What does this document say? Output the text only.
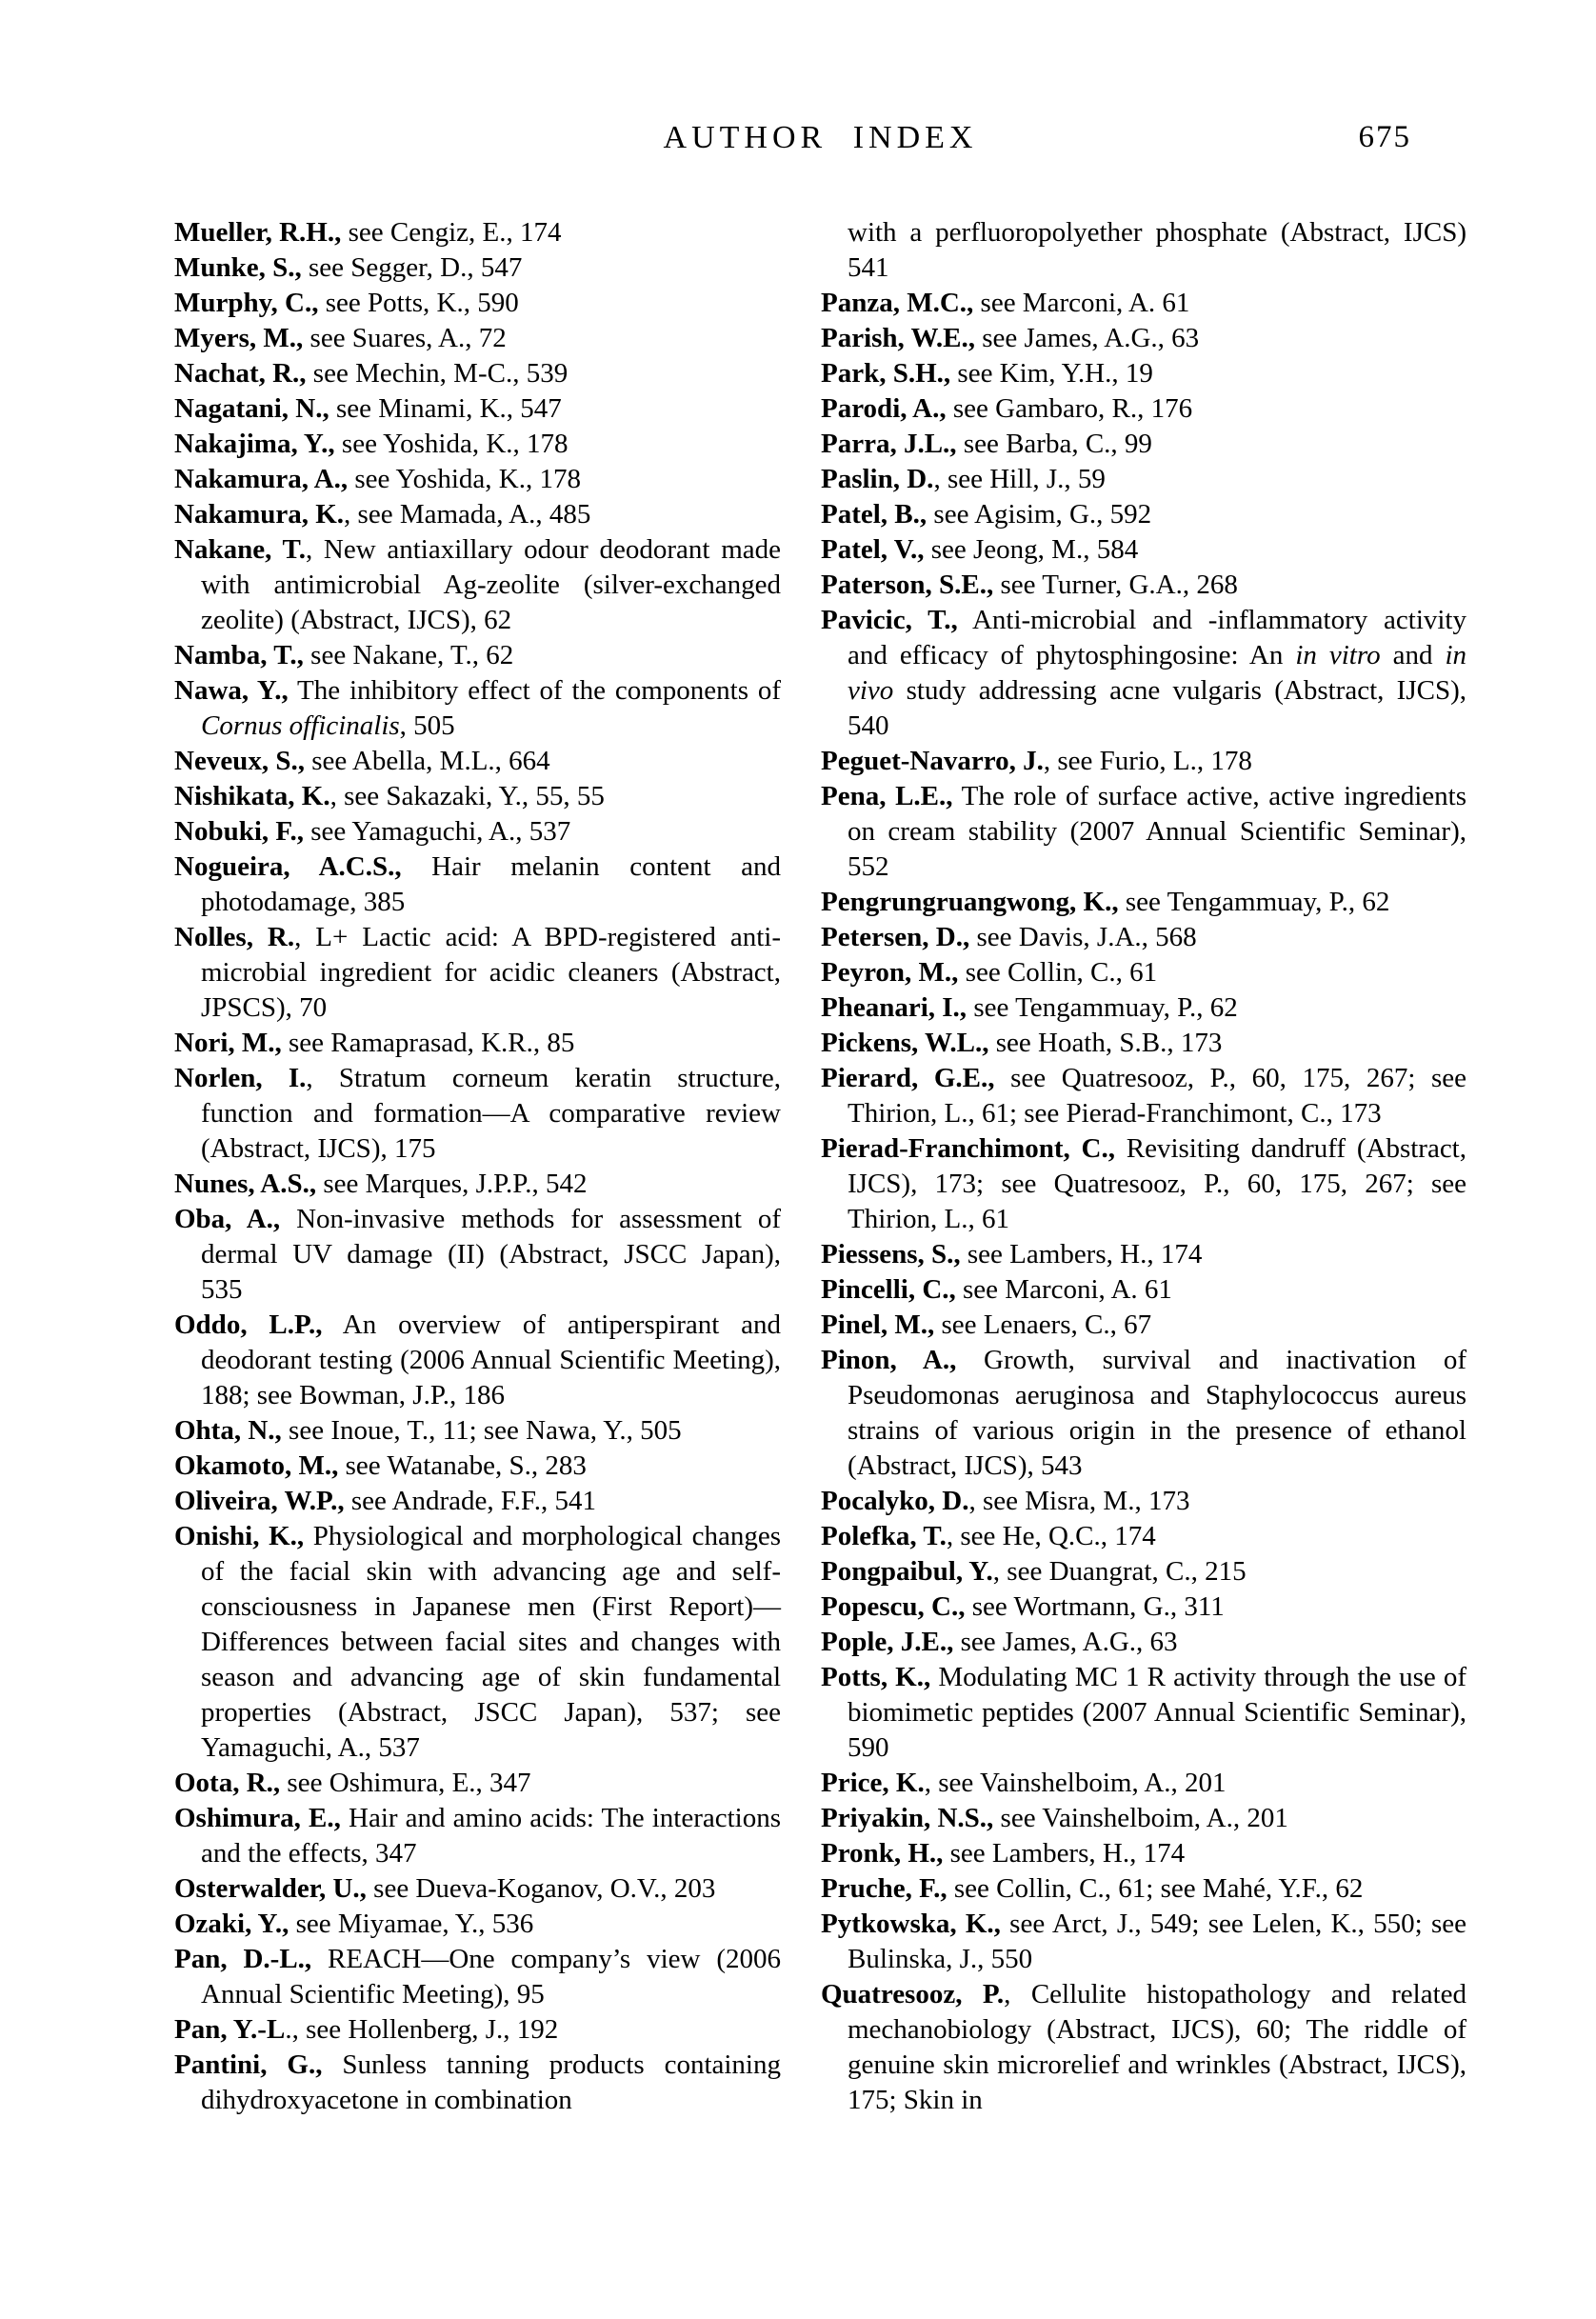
AUTHOR INDEX	675

Mueller, R.H., see Cengiz, E., 174

Munke, S., see Segger, D., 547

Murphy, C., see Potts, K., 590

Myers, M., see Suares, A., 72

Nachat, R., see Mechin, M-C., 539

Nagatani, N., see Minami, K., 547

Nakajima, Y., see Yoshida, K., 178

Nakamura, A., see Yoshida, K., 178

Nakamura, K., see Mamada, A., 485

Nakane, T., New antiaxillary odour deodorant made with antimicrobial Ag-zeolite (silver-exchanged zeolite) (Abstract, IJCS), 62

Namba, T., see Nakane, T., 62

Nawa, Y., The inhibitory effect of the components of Cornus officinalis, 505

Neveux, S., see Abella, M.L., 664

Nishikata, K., see Sakazaki, Y., 55, 55

Nobuki, F., see Yamaguchi, A., 537

Nogueira, A.C.S., Hair melanin content and photodamage, 385

Nolles, R., L+ Lactic acid: A BPD-registered anti-microbial ingredient for acidic cleaners (Abstract, JPSCS), 70

Nori, M., see Ramaprasad, K.R., 85

Norlen, I., Stratum corneum keratin structure, function and formation—A comparative review (Abstract, IJCS), 175

Nunes, A.S., see Marques, J.P.P., 542

Oba, A., Non-invasive methods for assessment of dermal UV damage (II) (Abstract, JSCC Japan), 535

Oddo, L.P., An overview of antiperspirant and deodorant testing (2006 Annual Scientific Meeting), 188; see Bowman, J.P., 186

Ohta, N., see Inoue, T., 11; see Nawa, Y., 505

Okamoto, M., see Watanabe, S., 283

Oliveira, W.P., see Andrade, F.F., 541

Onishi, K., Physiological and morphological changes of the facial skin with advancing age and self-consciousness in Japanese men (First Report)—Differences between facial sites and changes with season and advancing age of skin fundamental properties (Abstract, JSCC Japan), 537; see Yamaguchi, A., 537

Oota, R., see Oshimura, E., 347

Oshimura, E., Hair and amino acids: The interactions and the effects, 347

Osterwalder, U., see Dueva-Koganov, O.V., 203

Ozaki, Y., see Miyamae, Y., 536

Pan, D.-L., REACH—One company’s view (2006 Annual Scientific Meeting), 95

Pan, Y.-L., see Hollenberg, J., 192

Pantini, G., Sunless tanning products containing dihydroxyacetone in combination

with a perfluoropolyether phosphate (Abstract, IJCS) 541

Panza, M.C., see Marconi, A. 61

Parish, W.E., see James, A.G., 63

Park, S.H., see Kim, Y.H., 19

Parodi, A., see Gambaro, R., 176

Parra, J.L., see Barba, C., 99

Paslin, D., see Hill, J., 59

Patel, B., see Agisim, G., 592

Patel, V., see Jeong, M., 584

Paterson, S.E., see Turner, G.A., 268

Pavicic, T., Anti-microbial and -inflammatory activity and efficacy of phytosphingosine: An in vitro and in vivo study addressing acne vulgaris (Abstract, IJCS), 540

Peguet-Navarro, J., see Furio, L., 178

Pena, L.E., The role of surface active, active ingredients on cream stability (2007 Annual Scientific Seminar), 552

Pengrungruangwong, K., see Tengammuay, P., 62

Petersen, D., see Davis, J.A., 568

Peyron, M., see Collin, C., 61

Pheanari, I., see Tengammuay, P., 62

Pickens, W.L., see Hoath, S.B., 173

Pierard, G.E., see Quatresooz, P., 60, 175, 267; see Thirion, L., 61; see Pierad-Franchimont, C., 173

Pierad-Franchimont, C., Revisiting dandruff (Abstract, IJCS), 173; see Quatresooz, P., 60, 175, 267; see Thirion, L., 61

Piessens, S., see Lambers, H., 174

Pincelli, C., see Marconi, A. 61

Pinel, M., see Lenaers, C., 67

Pinon, A., Growth, survival and inactivation of Pseudomonas aeruginosa and Staphylococcus aureus strains of various origin in the presence of ethanol (Abstract, IJCS), 543

Pocalyko, D., see Misra, M., 173

Polefka, T., see He, Q.C., 174

Pongpaibul, Y., see Duangrat, C., 215

Popescu, C., see Wortmann, G., 311

Pople, J.E., see James, A.G., 63

Potts, K., Modulating MC 1 R activity through the use of biomimetic peptides (2007 Annual Scientific Seminar), 590

Price, K., see Vainshelboim, A., 201

Priyakin, N.S., see Vainshelboim, A., 201

Pronk, H., see Lambers, H., 174

Pruche, F., see Collin, C., 61; see Mahé, Y.F., 62

Pytkowska, K., see Arct, J., 549; see Lelen, K., 550; see Bulinska, J., 550

Quatresooz, P., Cellulite histopathology and related mechanobiology (Abstract, IJCS), 60; The riddle of genuine skin microrelief and wrinkles (Abstract, IJCS), 175; Skin in
